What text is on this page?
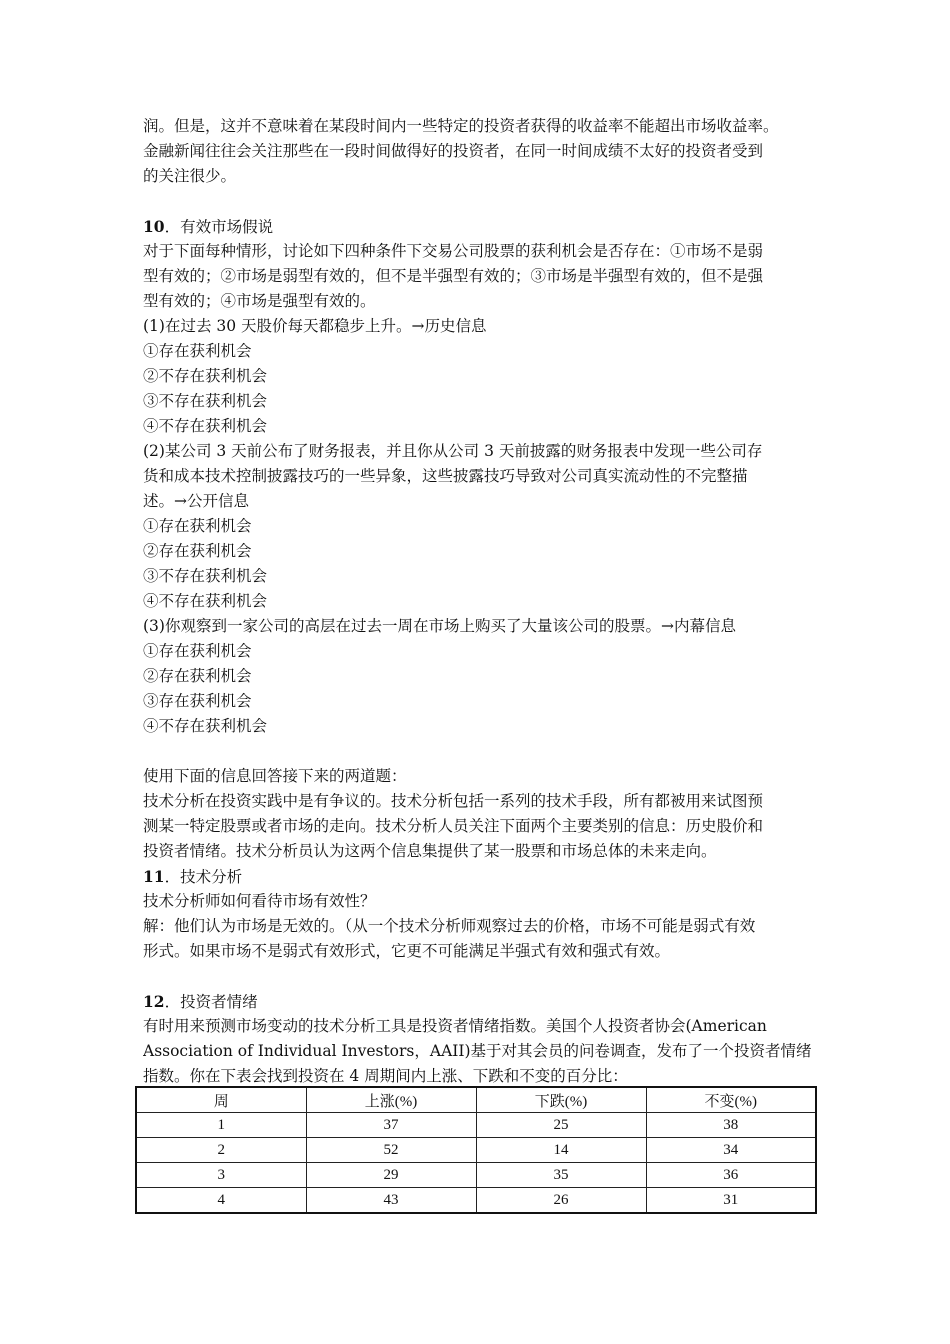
润。但是，这并不意味着在某段时间内一些特定的投资者获得的收益率不能超出市场收益率。
金融新闻往往会关注那些在一段时间做得好的投资者，在同一时间成绩不太好的投资者受到
的关注很少。
10．有效市场假说
对于下面每种情形，讨论如下四种条件下交易公司股票的获利机会是否存在：①市场不是弱
型有效的；②市场是弱型有效的，但不是半强型有效的；③市场是半强型有效的，但不是强
型有效的；④市场是强型有效的。
(1)在过去 30 天股价每天都稳步上升。→历史信息
①存在获利机会
②不存在获利机会
③不存在获利机会
④不存在获利机会
(2)某公司 3 天前公布了财务报表，并且你从公司 3 天前披露的财务报表中发现一些公司存
货和成本技术控制披露技巧的一些异象，这些披露技巧导致对公司真实流动性的不完整描
述。→公开信息
①存在获利机会
②存在获利机会
③不存在获利机会
④不存在获利机会
(3)你观察到一家公司的高层在过去一周在市场上购买了大量该公司的股票。→内幕信息
①存在获利机会
②存在获利机会
③存在获利机会
④不存在获利机会
使用下面的信息回答接下来的两道题：
技术分析在投资实践中是有争议的。技术分析包括一系列的技术手段，所有都被用来试图预
测某一特定股票或者市场的走向。技术分析人员关注下面两个主要类别的信息：历史股价和
投资者情绪。技术分析员认为这两个信息集提供了某一股票和市场总体的未来走向。
11．技术分析
技术分析师如何看待市场有效性？
解：他们认为市场是无效的。（从一个技术分析师观察过去的价格，市场不可能是弱式有效
形式。如果市场不是弱式有效形式，它更不可能满足半强式有效和强式有效。
12．投资者情绪
有时用来预测市场变动的技术分析工具是投资者情绪指数。美国个人投资者协会(American
Association of Individual Investors，AAII)基于对其会员的问卷调查，发布了一个投资者情绪
指数。你在下表会找到投资在 4 周期间内上涨、下跌和不变的百分比：
周	上涨(%)	下跌(%)	不变(%)
1	37	25	38
2	52	14	34
3	29	35	36
4	43	26	31
